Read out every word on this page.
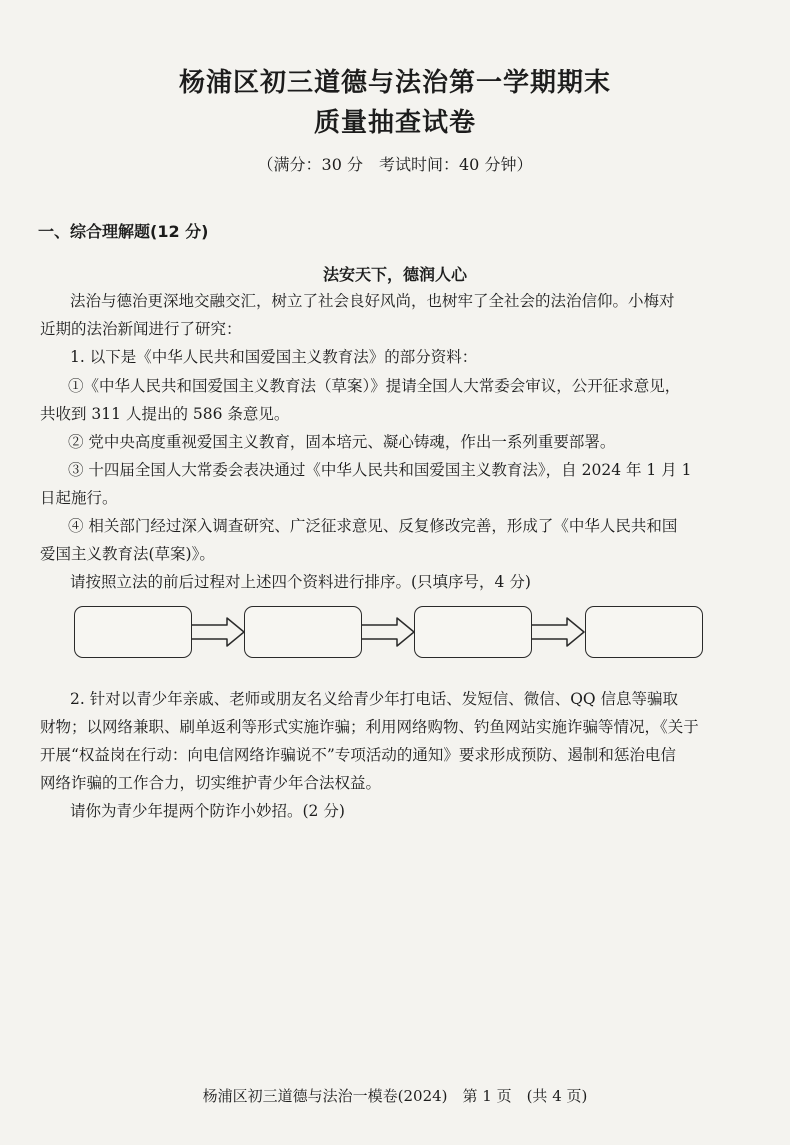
杨浦区初三道德与法治第一学期期末
质量抽查试卷
（满分：30 分　考试时间：40 分钟）
一、综合理解题(12 分)
法安天下，德润人心
法治与德治更深地交融交汇，树立了社会良好风尚，也树牢了全社会的法治信仰。小梅对
近期的法治新闻进行了研究：
1. 以下是《中华人民共和国爱国主义教育法》的部分资料：
①《中华人民共和国爱国主义教育法（草案）》提请全国人大常委会审议，公开征求意见，
共收到 311 人提出的 586 条意见。
② 党中央高度重视爱国主义教育，固本培元、凝心铸魂，作出一系列重要部署。
③ 十四届全国人大常委会表决通过《中华人民共和国爱国主义教育法》，自 2024 年 1 月 1
日起施行。
④ 相关部门经过深入调查研究、广泛征求意见、反复修改完善，形成了《中华人民共和国
爱国主义教育法(草案)》。
请按照立法的前后过程对上述四个资料进行排序。(只填序号，4 分)
2. 针对以青少年亲戚、老师或朋友名义给青少年打电话、发短信、微信、QQ 信息等骗取
财物；以网络兼职、刷单返利等形式实施诈骗；利用网络购物、钓鱼网站实施诈骗等情况，《关于
开展“权益岗在行动：向电信网络诈骗说不”专项活动的通知》要求形成预防、遏制和惩治电信
网络诈骗的工作合力，切实维护青少年合法权益。
请你为青少年提两个防诈小妙招。(2 分)
杨浦区初三道德与法治一模卷(2024)　第 1 页　(共 4 页)
